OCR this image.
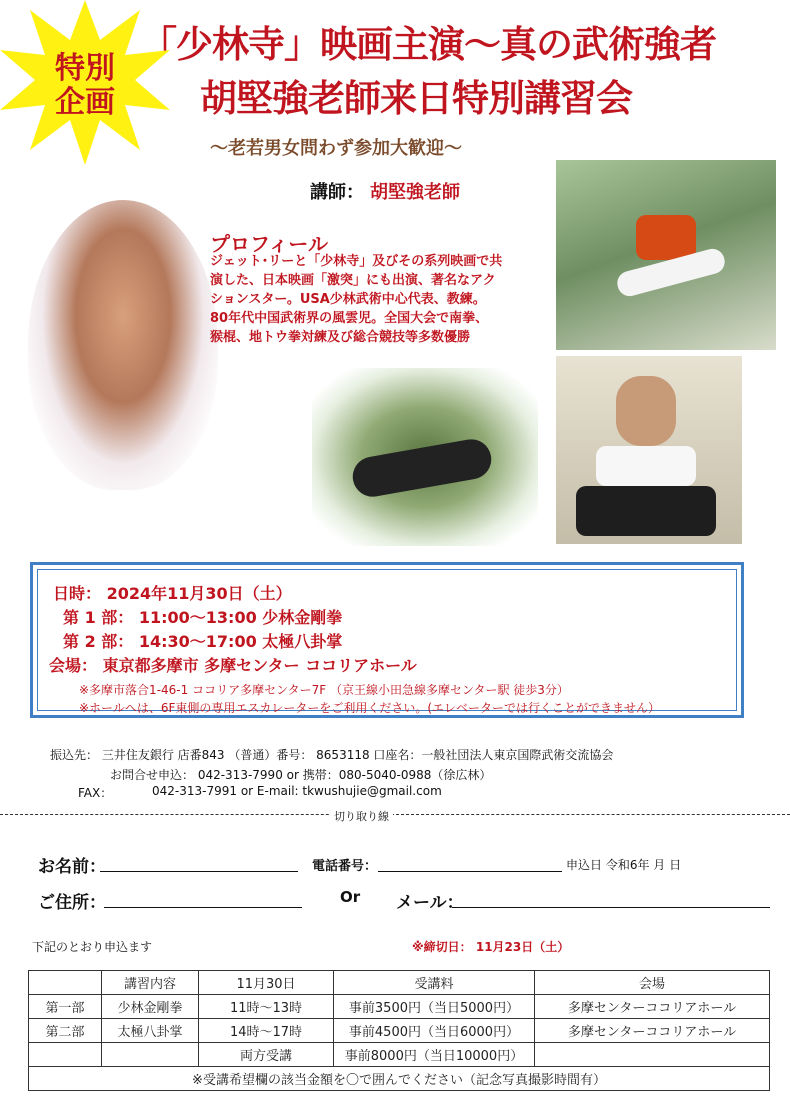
特別
企画
「少林寺」映画主演～真の武術強者
胡堅強老師来日特別講習会
～老若男女問わず参加大歓迎～
講師： 胡堅強老師
プロフィール
ジェット･リーと「少林寺」及びその系列映画で共
演した、日本映画「激突」にも出演、著名なアク
ションスター。USA少林武術中心代表、教練。
80年代中国武術界の風雲児。全国大会で南拳、
猴棍、地トウ拳対練及び総合競技等多数優勝
日時： 2024年11月30日（土）
第 1 部： 11:00～13:00 少林金剛拳
第 2 部： 14:30～17:00 太極八卦掌
会場： 東京都多摩市 多摩センター ココリアホール
※多摩市落合1-46-1 ココリア多摩センター7F （京王線小田急線多摩センター駅 徒歩3分）
※ホールへは、6F東側の専用エスカレーターをご利用ください。(エレベーターでは行くことができません）
振込先： 三井住友銀行 店番843 （普通）番号： 8653118 口座名：一般社団法人東京国際武術交流協会
お問合せ申込： 042-313-7990 or 携帯：080-5040-0988（徐広林）
FAX：	042-313-7991 or E-mail: tkwushujie@gmail.com
切り取り線
お名前：	電話番号：	申込日 令和6年 月 日
ご住所：	Or メール：
下記のとおり申込ます	※締切日： 11月23日（土）
	講習内容	11月30日	受講料	会場
第一部	少林金剛拳	11時～13時	事前3500円（当日5000円）	多摩センターココリアホール
第二部	太極八卦掌	14時～17時	事前4500円（当日6000円）	多摩センターココリアホール
		両方受講	事前8000円（当日10000円）	
※受講希望欄の該当金額を〇で囲んでください（記念写真撮影時間有）				
